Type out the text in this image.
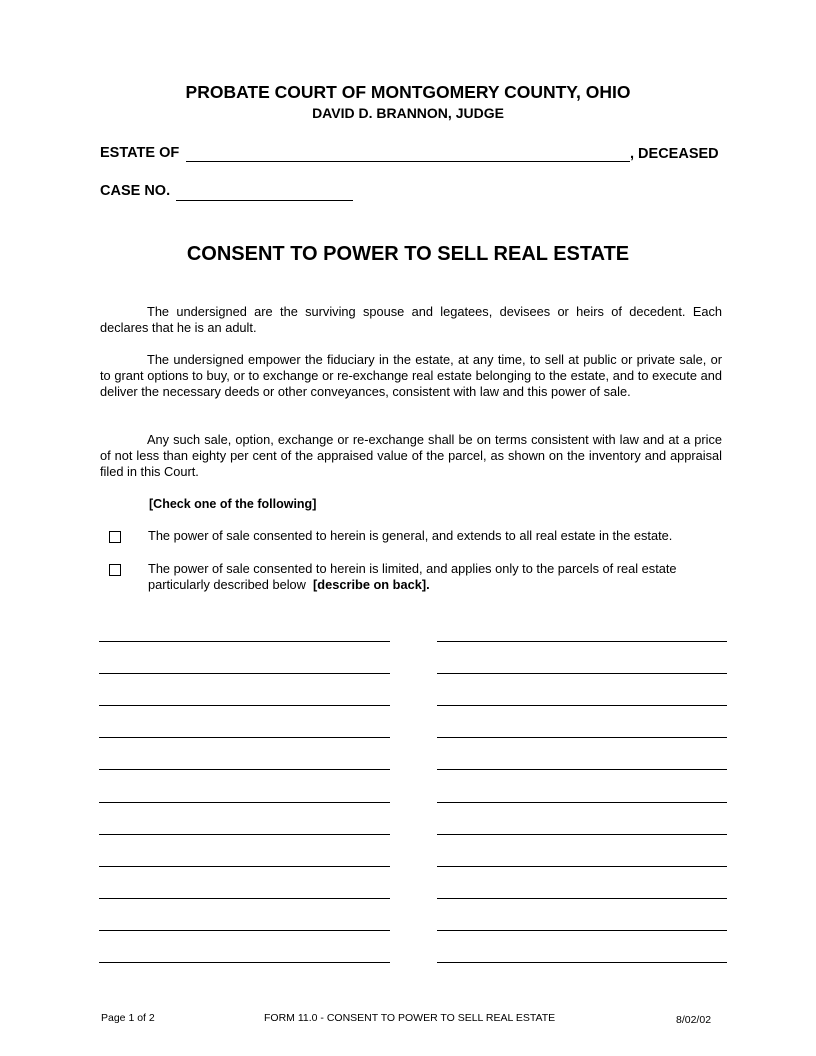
PROBATE COURT OF MONTGOMERY COUNTY, OHIO
DAVID D. BRANNON, JUDGE
ESTATE OF	, DECEASED
CASE NO.
CONSENT TO POWER TO SELL REAL ESTATE
The undersigned are the surviving spouse and legatees, devisees or heirs of decedent. Each declares that he is an adult.
The undersigned empower the fiduciary in the estate, at any time, to sell at public or private sale, or to grant options to buy, or to exchange or re-exchange real estate belonging to the estate, and to execute and deliver the necessary deeds or other conveyances, consistent with law and this power of sale.
Any such sale, option, exchange or re-exchange shall be on terms consistent with law and at a price of not less than eighty per cent of the appraised value of the parcel, as shown on the inventory and appraisal filed in this Court.
[Check one of the following]
The power of sale consented to herein is general, and extends to all real estate in the estate.
The power of sale consented to herein is limited, and applies only to the parcels of real estate particularly described below [describe on back].
Page 1 of 2	FORM 11.0 - CONSENT TO POWER TO SELL REAL ESTATE	8/02/02
